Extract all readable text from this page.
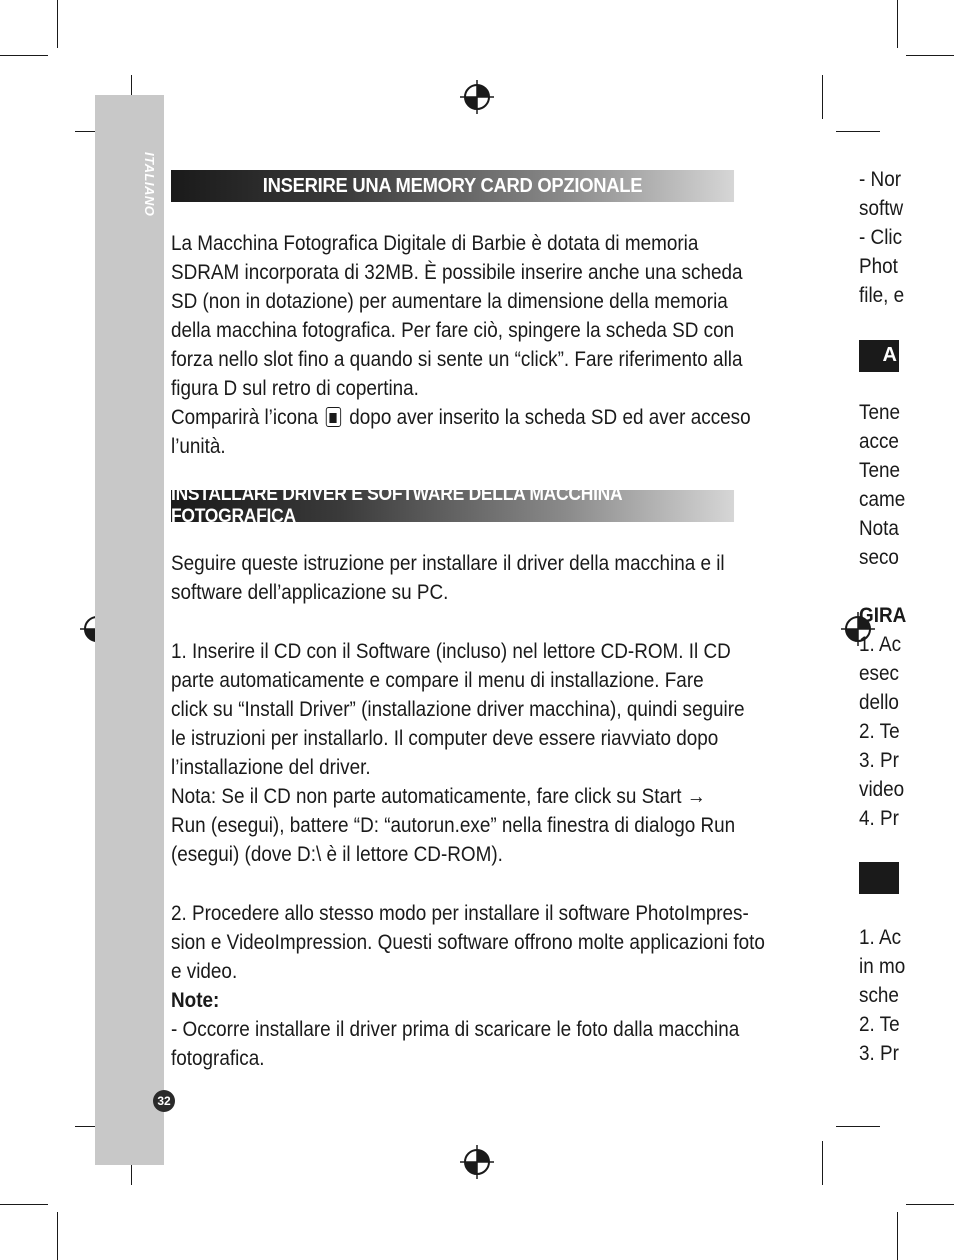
ITALIANO
32
INSERIRE UNA MEMORY CARD OPZIONALE
La Macchina Fotografica Digitale di Barbie è dotata di memoria
SDRAM incorporata di 32MB. È possibile inserire anche una scheda
SD (non in dotazione) per aumentare la dimensione della memoria
della macchina fotografica. Per fare ciò, spingere la scheda SD con
forza nello slot fino a quando si sente un “click”. Fare riferimento alla
figura D sul retro di copertina.
Comparirà l’icona dopo aver inserito la scheda SD ed aver acceso
l’unità.
INSTALLARE DRIVER E SOFTWARE DELLA MACCHINA FOTOGRAFICA
Seguire queste istruzione per installare il driver della macchina e il
software dell’applicazione su PC.
1. Inserire il CD con il Software (incluso) nel lettore CD-ROM. Il CD
parte automaticamente e compare il menu di installazione. Fare
click su “Install Driver” (installazione driver macchina), quindi seguire
le istruzioni per installarlo. Il computer deve essere riavviato dopo
l’installazione del driver.
Nota: Se il CD non parte automaticamente, fare click su Start →
Run (esegui), battere “D: “autorun.exe” nella finestra di dialogo Run
(esegui) (dove D:\ è il lettore CD-ROM).
2. Procedere allo stesso modo per installare il software PhotoImpres-
sion e VideoImpression. Questi software offrono molte applicazioni foto
e video.
Note:
- Occorre installare il driver prima di scaricare le foto dalla macchina
fotografica.
- Nor
softw
- Clic
Phot
file, e
Tene
acce
Tene
came
Nota
seco
GIRA
1. Ac
esec
dello
2. Te
3. Pr
video
4. Pr
1. Ac
in mo
sche
2. Te
3. Pr
A
